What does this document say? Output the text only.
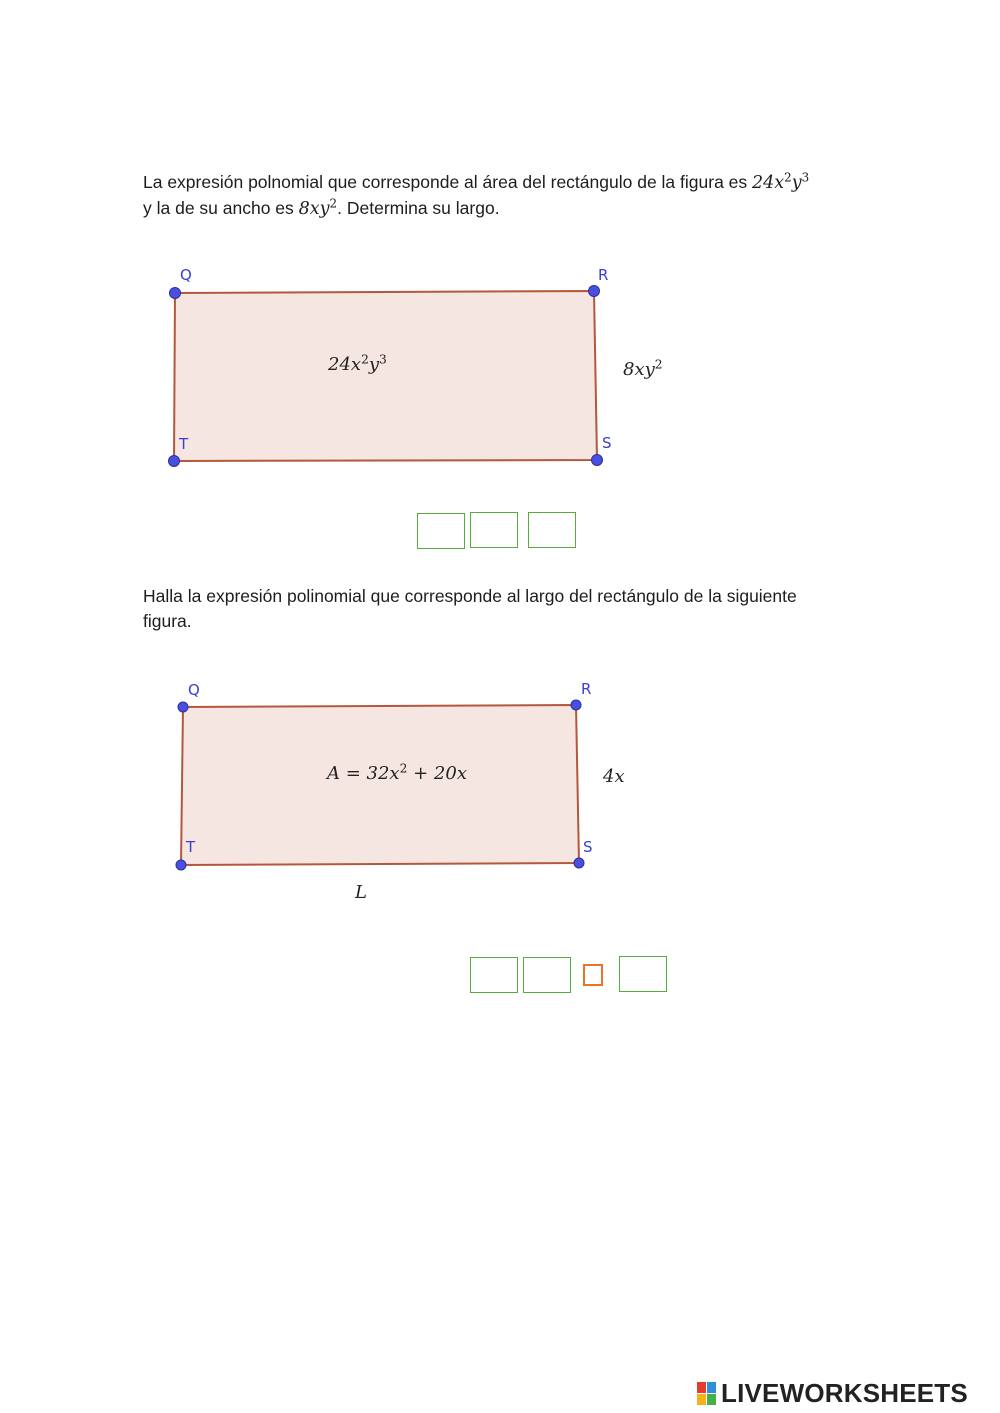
La expresión polnomial que corresponde al área del rectángulo de la figura es $24x^2y^3$
y la de su ancho es $8xy^2$. Determina su largo.
Q	R
S
T
$24x^2y^3$	$8xy^2$
Halla la expresión polinomial que corresponde al largo del rectángulo de la siguiente
figura.
Q	R
S
T
$A = 32x^2 + 20x$	4x
L
LIVEWORKSHEETS
